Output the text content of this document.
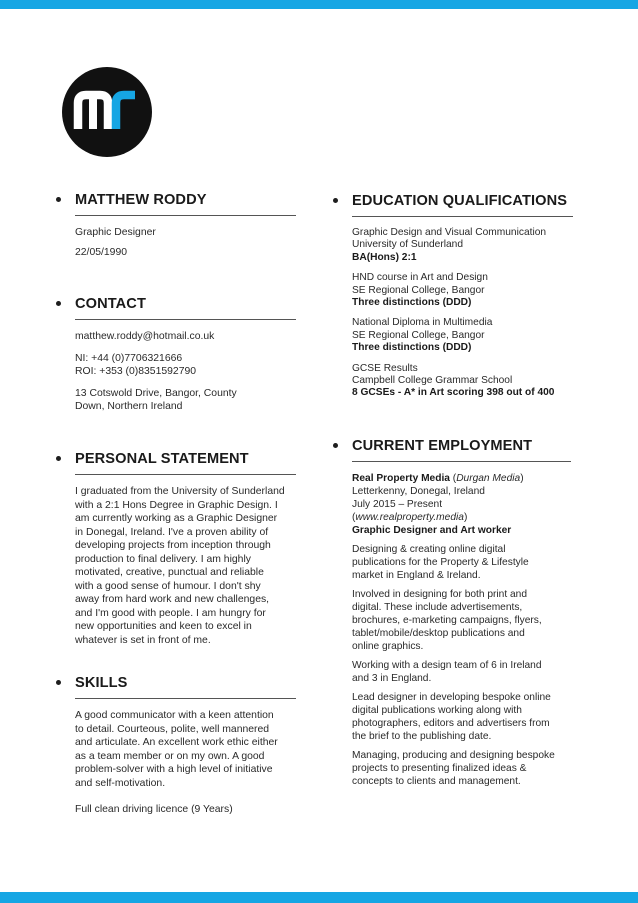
MATTHEW RODDY

Graphic Designer

22/05/1990

CONTACT

matthew.roddy@hotmail.co.uk

NI: +44 (0)7706321666

ROI: +353 (0)8351592790

13 Cotswold Drive, Bangor, County

Down, Northern Ireland

PERSONAL STATEMENT

I graduated from the University of Sunderland

with a 2:1 Hons Degree in Graphic Design. I

am currently working as a Graphic Designer

in Donegal, Ireland. I've a proven ability of

developing projects from inception through

production to final delivery. I am highly

motivated, creative, punctual and reliable

with a good sense of humour. I don't shy

away from hard work and new challenges,

and I'm good with people. I am hungry for

new opportunities and keen to excel in

whatever is set in front of me.

SKILLS

A good communicator with a keen attention

to detail. Courteous, polite, well mannered

and articulate. An excellent work ethic either

as a team member or on my own. A good

problem-solver with a high level of initiative

and self-motivation.

Full clean driving licence (9 Years)

EDUCATION QUALIFICATIONS

Graphic Design and Visual Communication

University of Sunderland

BA(Hons) 2:1

HND course in Art and Design

SE Regional College, Bangor

Three distinctions (DDD)

National Diploma in Multimedia

SE Regional College, Bangor

Three distinctions (DDD)

GCSE Results

Campbell College Grammar School

8 GCSEs - A* in Art scoring 398 out of 400

CURRENT EMPLOYMENT

Real Property Media (Durgan Media)

Letterkenny, Donegal, Ireland

July 2015 – Present

(www.realproperty.media)

Graphic Designer and Art worker

Designing & creating online digital

publications for the Property & Lifestyle

market in England & Ireland.

Involved in designing for both print and

digital. These include advertisements,

brochures, e-marketing campaigns, flyers,

tablet/mobile/desktop publications and

online graphics.

Working with a design team of 6 in Ireland

and 3 in England.

Lead designer in developing bespoke online

digital publications working along with

photographers, editors and advertisers from

the brief to the publishing date.

Managing, producing and designing bespoke

projects to presenting finalized ideas &

concepts to clients and management.
